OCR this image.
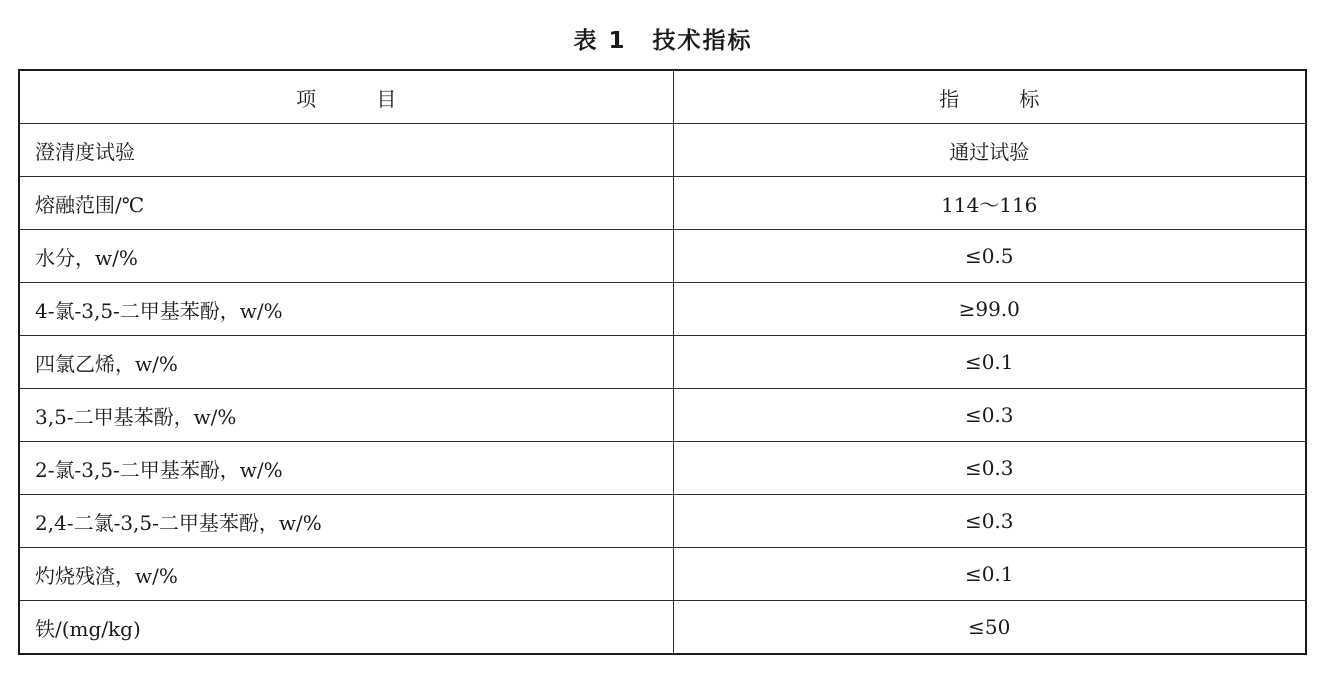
表 1 技术指标
项 目	指 标
澄清度试验	通过试验
熔融范围/℃	114～116
水分，w/%	≤0.5
4-氯-3,5-二甲基苯酚，w/%	≥99.0
四氯乙烯，w/%	≤0.1
3,5-二甲基苯酚，w/%	≤0.3
2-氯-3,5-二甲基苯酚，w/%	≤0.3
2,4-二氯-3,5-二甲基苯酚，w/%	≤0.3
灼烧残渣，w/%	≤0.1
铁/(mg/kg)	≤50
